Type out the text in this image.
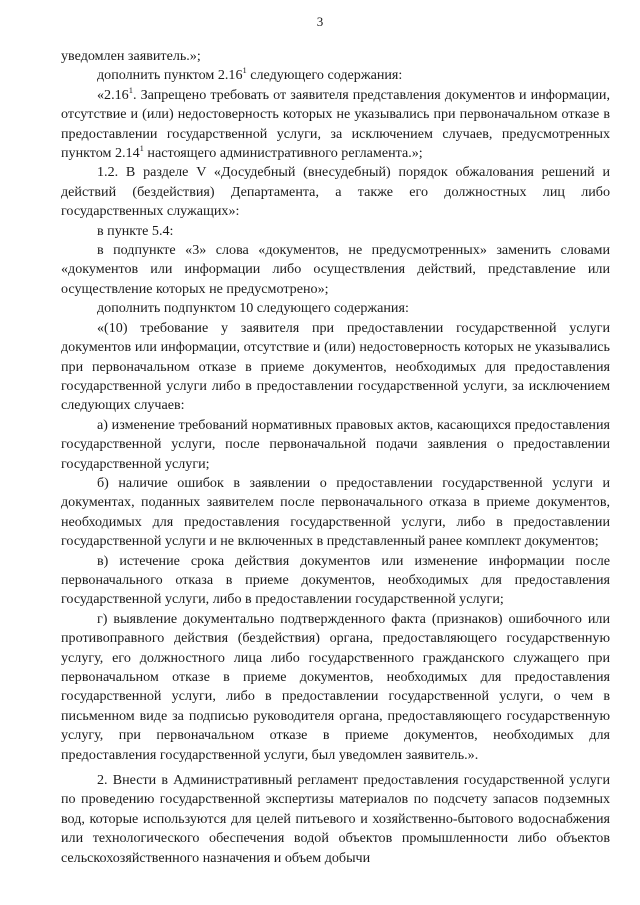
3

уведомлен заявитель.»;

дополнить пунктом 2.16$^1$ следующего содержания:

«2.16$^1$. Запрещено требовать от заявителя представления документов и информации, отсутствие и (или) недостоверность которых не указывались при первоначальном отказе в предоставлении государственной услуги, за исключением случаев, предусмотренных пунктом 2.14$^1$ настоящего административного регламента.»;

1.2. В разделе V «Досудебный (внесудебный) порядок обжалования решений и действий (бездействия) Департамента, а также его должностных лиц либо государственных служащих»:

в пункте 5.4:

в подпункте «3» слова «документов, не предусмотренных» заменить словами «документов или информации либо осуществления действий, представление или осуществление которых не предусмотрено»;

дополнить подпунктом 10 следующего содержания:

«(10) требование у заявителя при предоставлении государственной услуги документов или информации, отсутствие и (или) недостоверность которых не указывались при первоначальном отказе в приеме документов, необходимых для предоставления государственной услуги либо в предоставлении государственной услуги, за исключением следующих случаев:

а) изменение требований нормативных правовых актов, касающихся предоставления государственной услуги, после первоначальной подачи заявления о предоставлении государственной услуги;

б) наличие ошибок в заявлении о предоставлении государственной услуги и документах, поданных заявителем после первоначального отказа в приеме документов, необходимых для предоставления государственной услуги, либо в предоставлении государственной услуги и не включенных в представленный ранее комплект документов;

в) истечение срока действия документов или изменение информации после первоначального отказа в приеме документов, необходимых для предоставления государственной услуги, либо в предоставлении государственной услуги;

г) выявление документально подтвержденного факта (признаков) ошибочного или противоправного действия (бездействия) органа, предоставляющего государственную услугу, его должностного лица либо государственного гражданского служащего при первоначальном отказе в приеме документов, необходимых для предоставления государственной услуги, либо в предоставлении государственной услуги, о чем в письменном виде за подписью руководителя органа, предоставляющего государственную услугу, при первоначальном отказе в приеме документов, необходимых для предоставления государственной услуги, был уведомлен заявитель.».

2. Внести в Административный регламент предоставления государственной услуги по проведению государственной экспертизы материалов по подсчету запасов подземных вод, которые используются для целей питьевого и хозяйственно-бытового водоснабжения или технологического обеспечения водой объектов промышленности либо объектов сельскохозяйственного назначения и объем добычи
